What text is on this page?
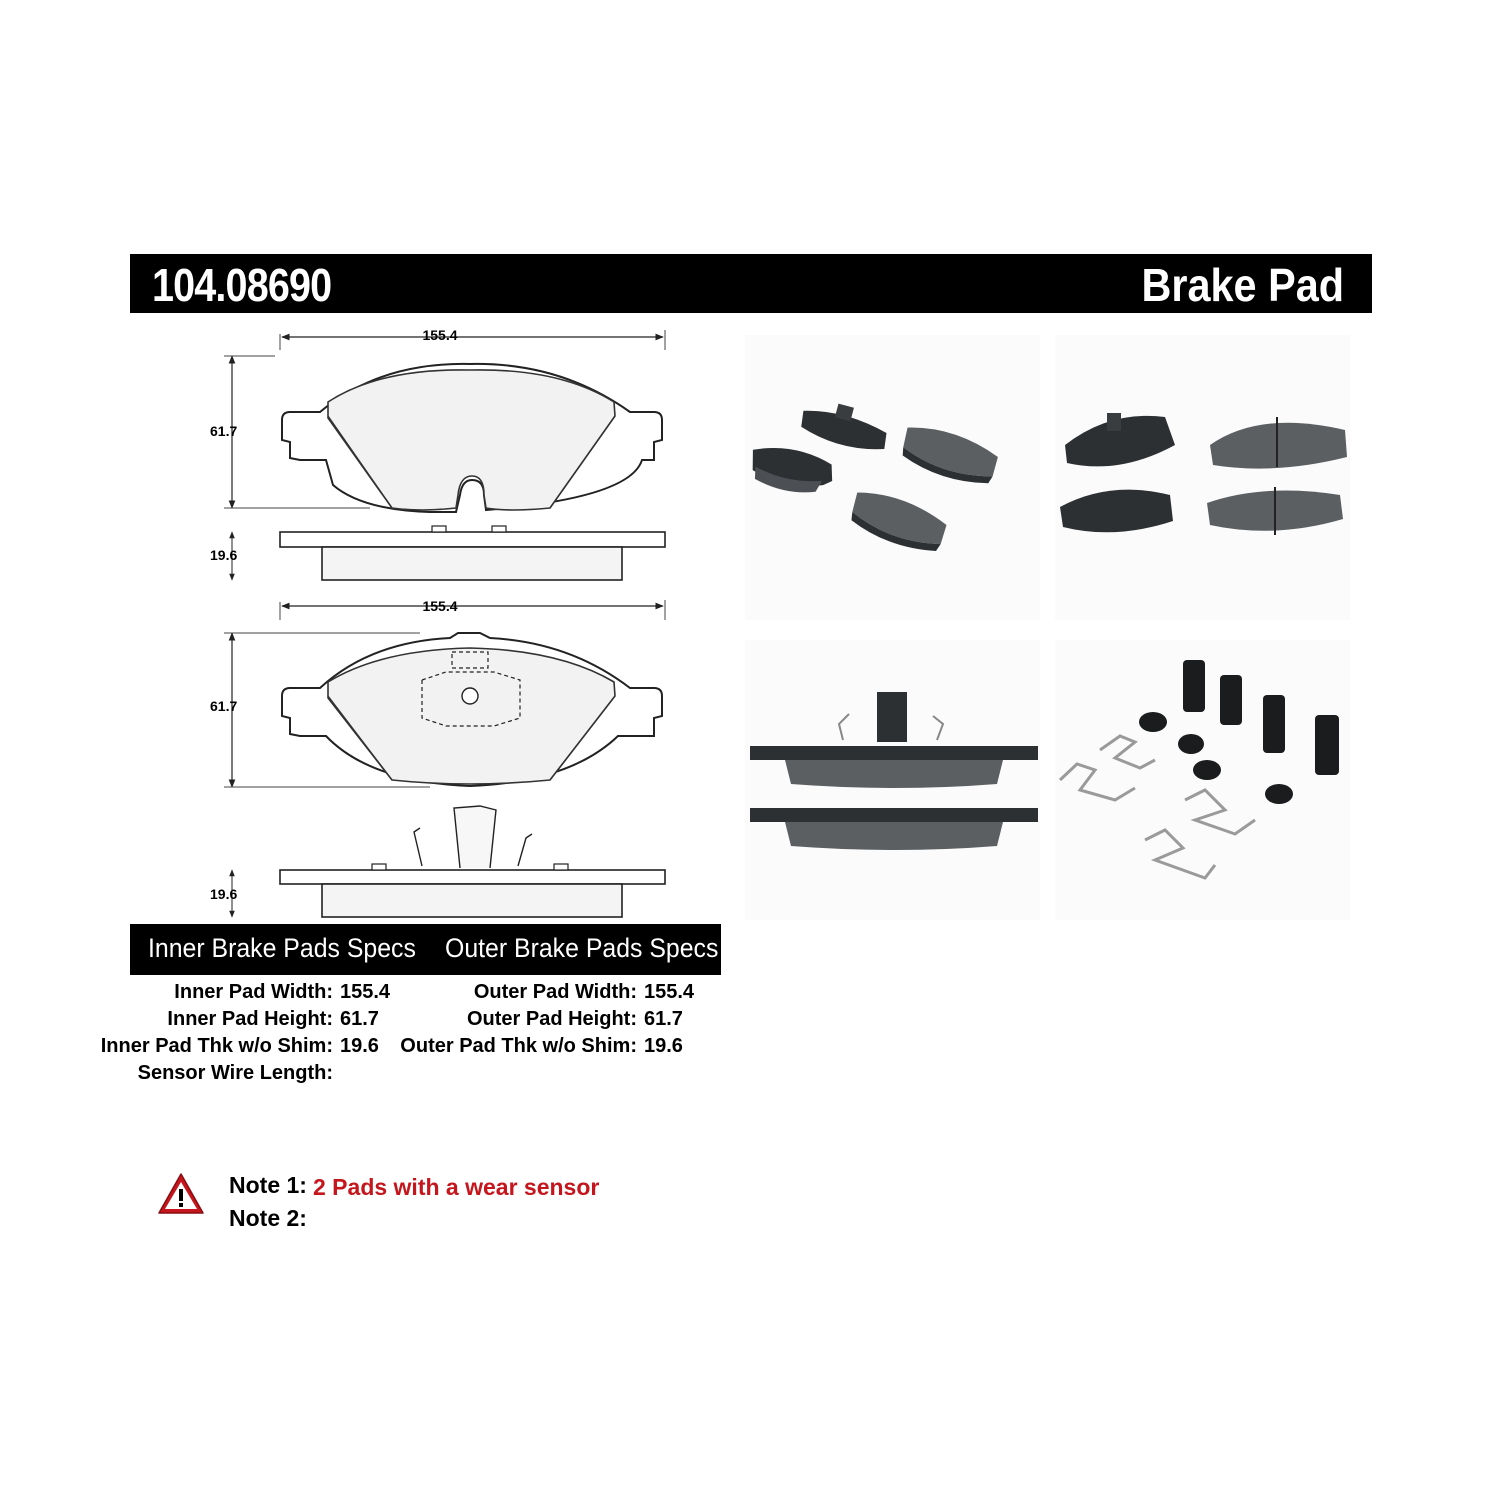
104.08690	Brake Pad
155.4
61.7
19.6
155.4
61.7
19.6
Inner Brake Pads Specs Outer Brake Pads Specs
Inner Pad Width: 155.4
Inner Pad Height: 61.7
Inner Pad Thk w/o Shim: 19.6
Sensor Wire Length:
Outer Pad Width: 155.4
Outer Pad Height: 61.7
Outer Pad Thk w/o Shim: 19.6
Note 1: 2 Pads with a wear sensor
Note 2:
